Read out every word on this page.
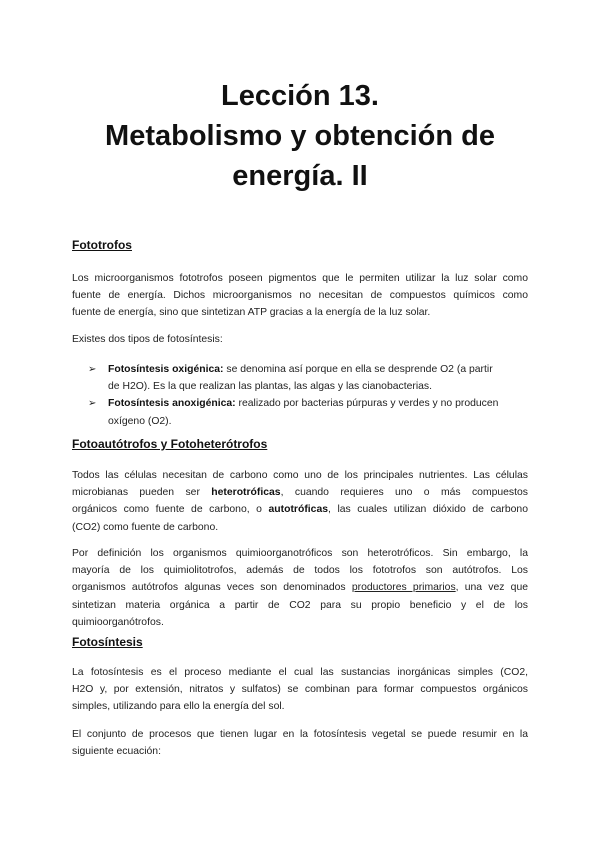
Lección 13.
Metabolismo y obtención de
energía. II
Fototrofos
Los microorganismos fototrofos poseen pigmentos que le permiten utilizar la luz solar como
fuente de energía. Dichos microorganismos no necesitan de compuestos químicos como
fuente de energía, sino que sintetizan ATP gracias a la energía de la luz solar.
Existes dos tipos de fotosíntesis:
➢ Fotosíntesis oxigénica: se denomina así porque en ella se desprende O2 (a partir
de H2O). Es la que realizan las plantas, las algas y las cianobacterias.
➢ Fotosíntesis anoxigénica: realizado por bacterias púrpuras y verdes y no producen
oxígeno (O2).
Fotoautótrofos y Fotoheterótrofos
Todos las células necesitan de carbono como uno de los principales nutrientes. Las células
microbianas pueden ser heterotróficas, cuando requieres uno o más compuestos
orgánicos como fuente de carbono, o autotróficas, las cuales utilizan dióxido de carbono
(CO2) como fuente de carbono.
Por definición los organismos quimioorganotróficos son heterotróficos. Sin embargo, la
mayoría de los quimiolitotrofos, además de todos los fototrofos son autótrofos. Los
organismos autótrofos algunas veces son denominados productores primarios, una vez que
sintetizan materia orgánica a partir de CO2 para su propio beneficio y el de los
quimioorganótrofos.
Fotosíntesis
La fotosíntesis es el proceso mediante el cual las sustancias inorgánicas simples (CO2,
H2O y, por extensión, nitratos y sulfatos) se combinan para formar compuestos orgánicos
simples, utilizando para ello la energía del sol.
El conjunto de procesos que tienen lugar en la fotosíntesis vegetal se puede resumir en la
siguiente ecuación:
